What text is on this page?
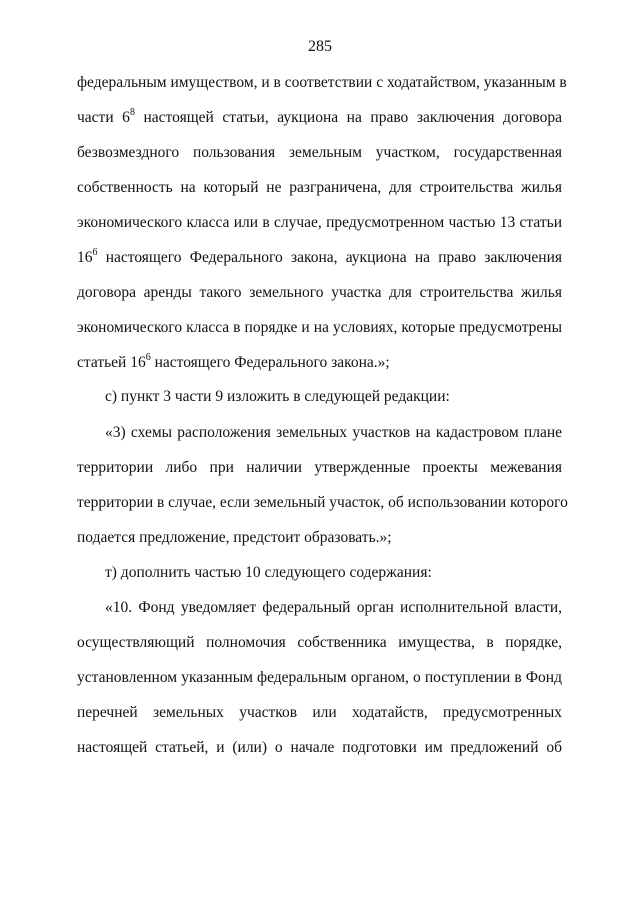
285
федеральным имуществом, и в соответствии с ходатайством, указанным в
части $6^8$ настоящей статьи, аукциона на право заключения договора
безвозмездного пользования земельным участком, государственная
собственность на который не разграничена, для строительства жилья
экономического класса или в случае, предусмотренном частью 13 статьи
$16^6$ настоящего Федерального закона, аукциона на право заключения
договора аренды такого земельного участка для строительства жилья
экономического класса в порядке и на условиях, которые предусмотрены
статьей $16^6$ настоящего Федерального закона.»;
с) пункт 3 части 9 изложить в следующей редакции:
«3) схемы расположения земельных участков на кадастровом плане
территории либо при наличии утвержденные проекты межевания
территории в случае, если земельный участок, об использовании которого
подается предложение, предстоит образовать.»;
т) дополнить частью 10 следующего содержания:
«10. Фонд уведомляет федеральный орган исполнительной власти,
осуществляющий полномочия собственника имущества, в порядке,
установленном указанным федеральным органом, о поступлении в Фонд
перечней земельных участков или ходатайств, предусмотренных
настоящей статьей, и (или) о начале подготовки им предложений об
